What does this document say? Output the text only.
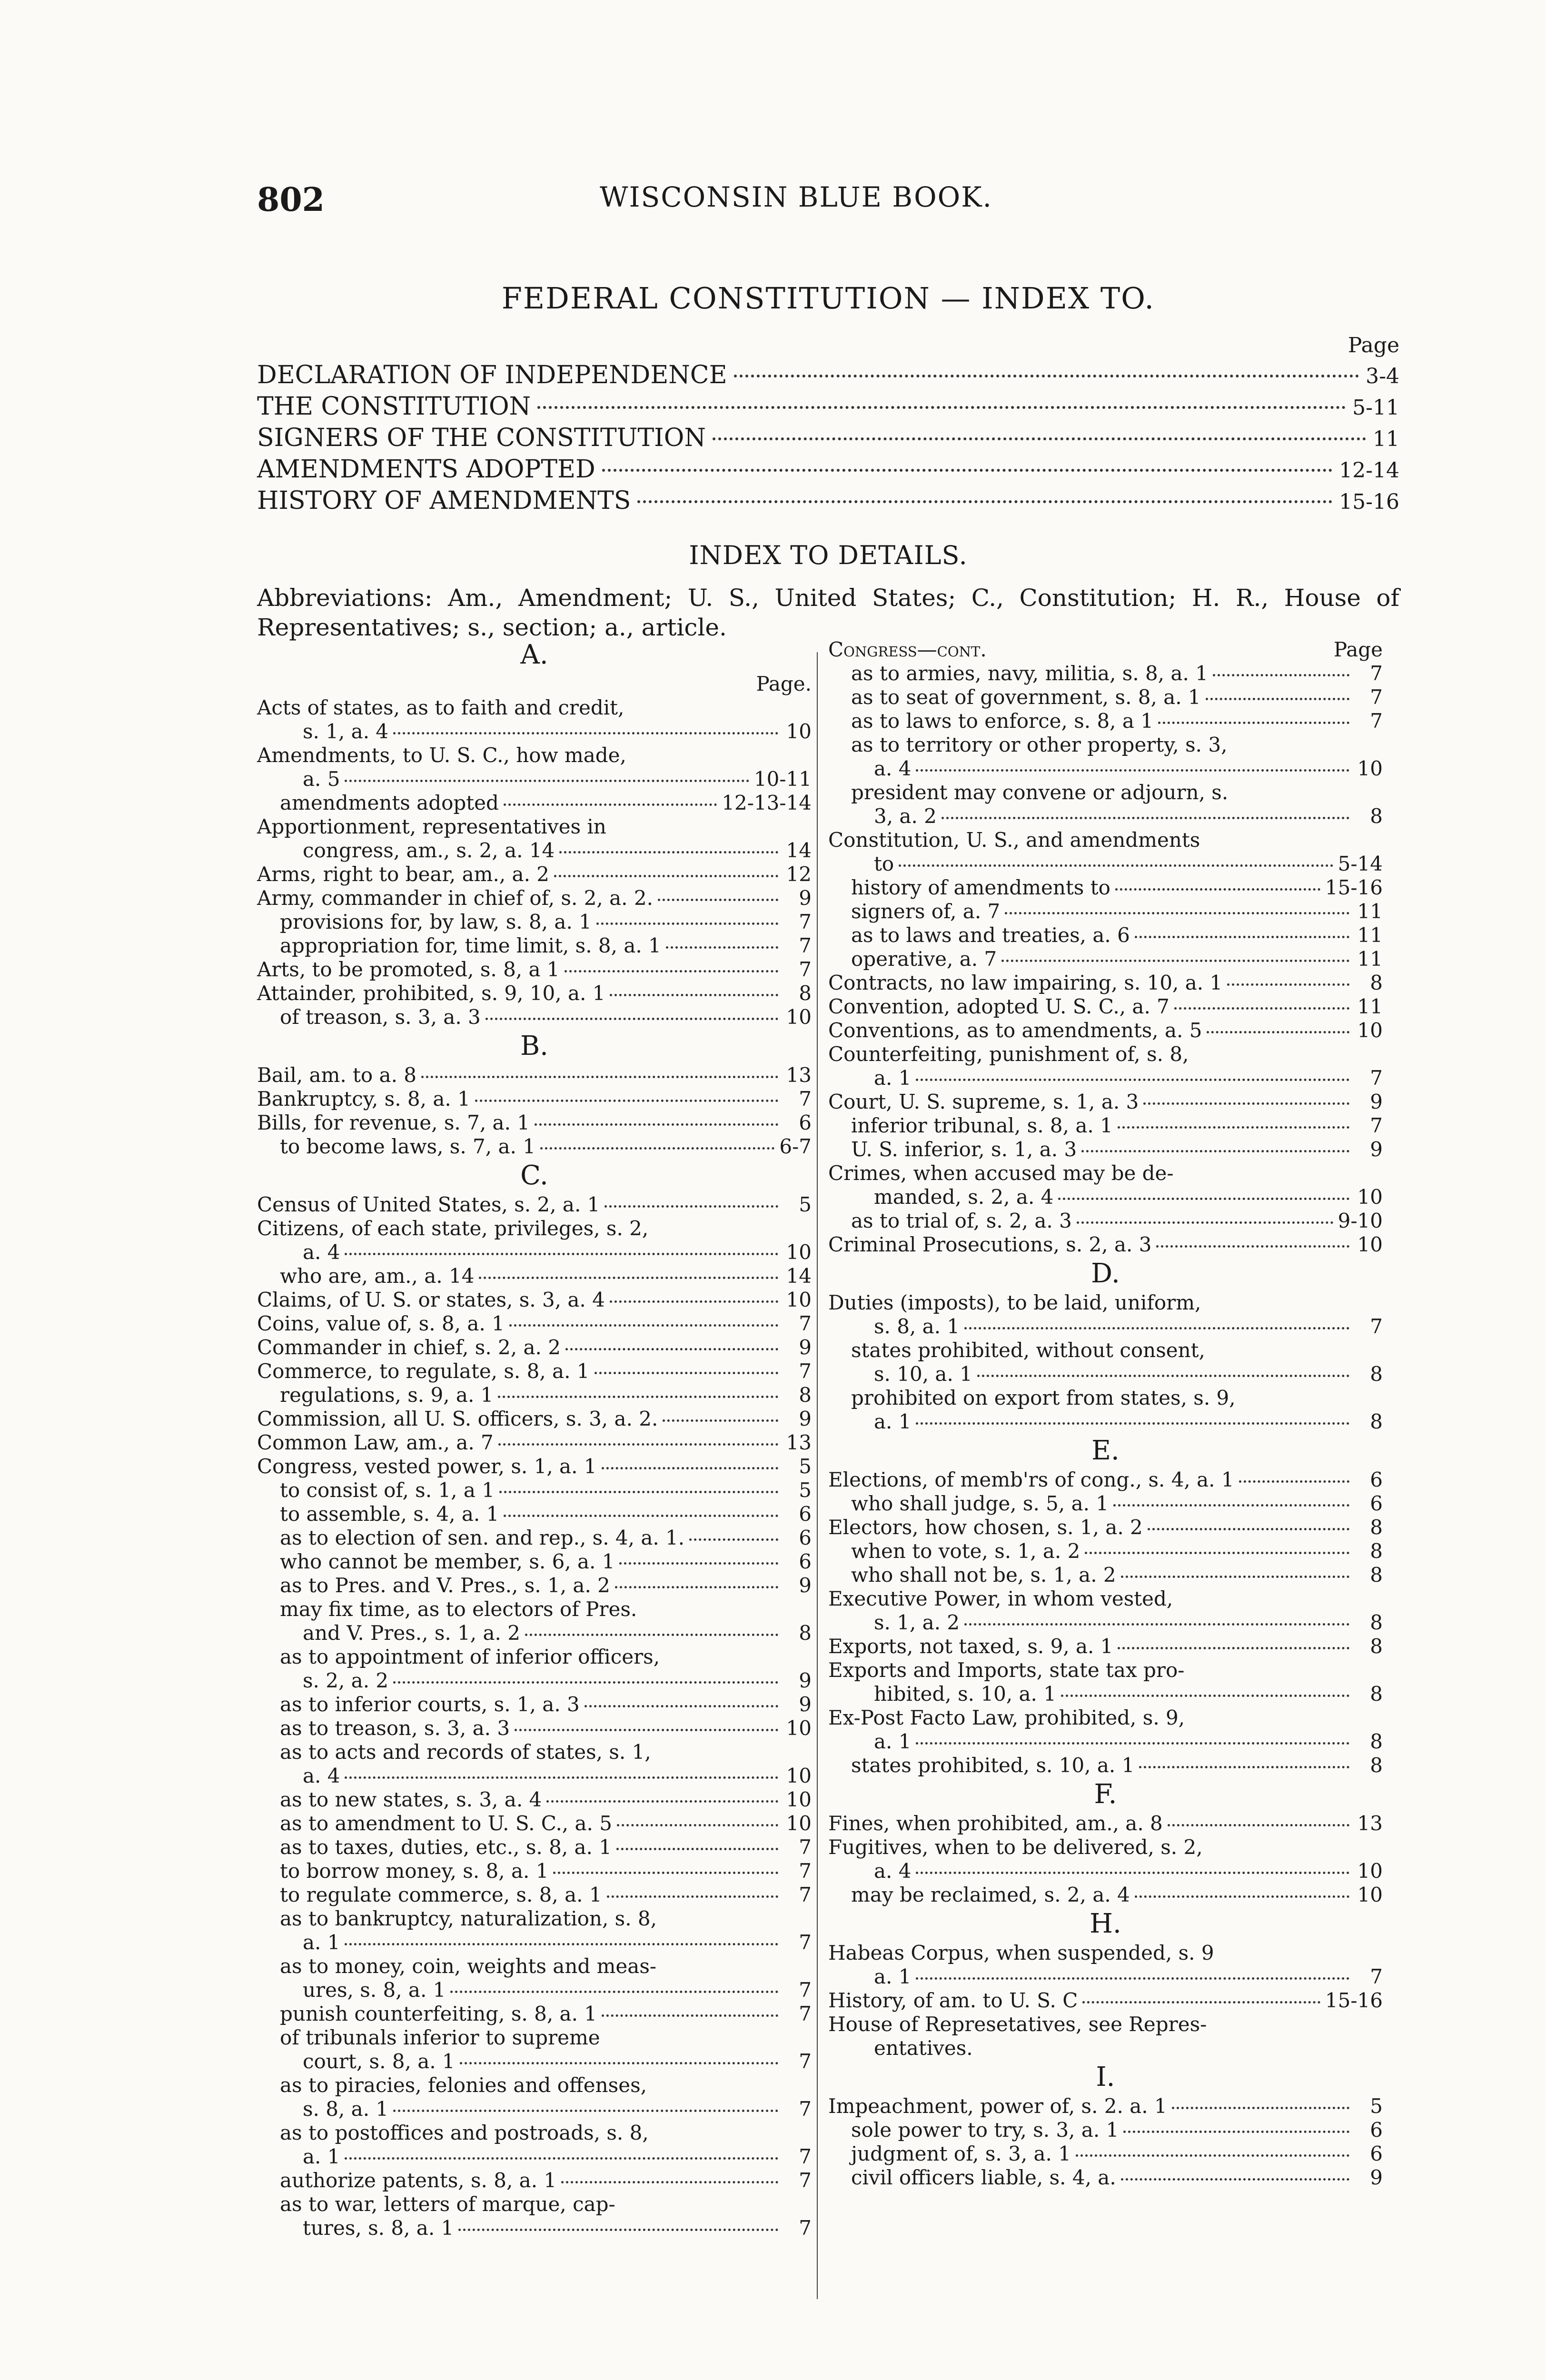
802	WISCONSIN BLUE BOOK.
FEDERAL CONSTITUTION — INDEX TO.
Page
DECLARATION OF INDEPENDENCE	3-4
THE CONSTITUTION	5-11
SIGNERS OF THE CONSTITUTION	11
AMENDMENTS ADOPTED	12-14
HISTORY OF AMENDMENTS	15-16
INDEX TO DETAILS.
Abbreviations: Am., Amendment; U. S., United States; C., Constitution; H. R., House of Representatives; s., section; a., article.
A.
Page.
Acts of states, as to faith and credit,
s. 1, a. 4	10
Amendments, to U. S. C., how made,
a. 5	10-11
amendments adopted	12-13-14
Apportionment, representatives in
congress, am., s. 2, a. 14	14
Arms, right to bear, am., a. 2	12
Army, commander in chief of, s. 2, a. 2.	9
provisions for, by law, s. 8, a. 1	7
appropriation for, time limit, s. 8, a. 1	7
Arts, to be promoted, s. 8, a 1	7
Attainder, prohibited, s. 9, 10, a. 1	8
of treason, s. 3, a. 3	10
B.
Bail, am. to a. 8	13
Bankruptcy, s. 8, a. 1	7
Bills, for revenue, s. 7, a. 1	6
to become laws, s. 7, a. 1	6-7
C.
Census of United States, s. 2, a. 1	5
Citizens, of each state, privileges, s. 2,
a. 4	10
who are, am., a. 14	14
Claims, of U. S. or states, s. 3, a. 4	10
Coins, value of, s. 8, a. 1	7
Commander in chief, s. 2, a. 2	9
Commerce, to regulate, s. 8, a. 1	7
regulations, s. 9, a. 1	8
Commission, all U. S. officers, s. 3, a. 2.	9
Common Law, am., a. 7	13
Congress, vested power, s. 1, a. 1	5
to consist of, s. 1, a 1	5
to assemble, s. 4, a. 1	6
as to election of sen. and rep., s. 4, a. 1.	6
who cannot be member, s. 6, a. 1	6
as to Pres. and V. Pres., s. 1, a. 2	9
may fix time, as to electors of Pres.
and V. Pres., s. 1, a. 2	8
as to appointment of inferior officers,
s. 2, a. 2	9
as to inferior courts, s. 1, a. 3	9
as to treason, s. 3, a. 3	10
as to acts and records of states, s. 1,
a. 4	10
as to new states, s. 3, a. 4	10
as to amendment to U. S. C., a. 5	10
as to taxes, duties, etc., s. 8, a. 1	7
to borrow money, s. 8, a. 1	7
to regulate commerce, s. 8, a. 1	7
as to bankruptcy, naturalization, s. 8,
a. 1	7
as to money, coin, weights and meas-
ures, s. 8, a. 1	7
punish counterfeiting, s. 8, a. 1	7
of tribunals inferior to supreme
court, s. 8, a. 1	7
as to piracies, felonies and offenses,
s. 8, a. 1	7
as to postoffices and postroads, s. 8,
a. 1	7
authorize patents, s. 8, a. 1	7
as to war, letters of marque, cap-
tures, s. 8, a. 1	7
Congress—cont.	Page
as to armies, navy, militia, s. 8, a. 1	7
as to seat of government, s. 8, a. 1	7
as to laws to enforce, s. 8, a 1	7
as to territory or other property, s. 3,
a. 4	10
president may convene or adjourn, s.
3, a. 2	8
Constitution, U. S., and amendments
to	5-14
history of amendments to	15-16
signers of, a. 7	11
as to laws and treaties, a. 6	11
operative, a. 7	11
Contracts, no law impairing, s. 10, a. 1	8
Convention, adopted U. S. C., a. 7	11
Conventions, as to amendments, a. 5	10
Counterfeiting, punishment of, s. 8,
a. 1	7
Court, U. S. supreme, s. 1, a. 3	9
inferior tribunal, s. 8, a. 1	7
U. S. inferior, s. 1, a. 3	9
Crimes, when accused may be de-
manded, s. 2, a. 4	10
as to trial of, s. 2, a. 3	9-10
Criminal Prosecutions, s. 2, a. 3	10
D.
Duties (imposts), to be laid, uniform,
s. 8, a. 1	7
states prohibited, without consent,
s. 10, a. 1	8
prohibited on export from states, s. 9,
a. 1	8
E.
Elections, of memb'rs of cong., s. 4, a. 1	6
who shall judge, s. 5, a. 1	6
Electors, how chosen, s. 1, a. 2	8
when to vote, s. 1, a. 2	8
who shall not be, s. 1, a. 2	8
Executive Power, in whom vested,
s. 1, a. 2	8
Exports, not taxed, s. 9, a. 1	8
Exports and Imports, state tax pro-
hibited, s. 10, a. 1	8
Ex-Post Facto Law, prohibited, s. 9,
a. 1	8
states prohibited, s. 10, a. 1	8
F.
Fines, when prohibited, am., a. 8	13
Fugitives, when to be delivered, s. 2,
a. 4	10
may be reclaimed, s. 2, a. 4	10
H.
Habeas Corpus, when suspended, s. 9
a. 1	7
History, of am. to U. S. C	15-16
House of Represetatives, see Repres-
entatives.
I.
Impeachment, power of, s. 2. a. 1	5
sole power to try, s. 3, a. 1	6
judgment of, s. 3, a. 1	6
civil officers liable, s. 4, a.	9
